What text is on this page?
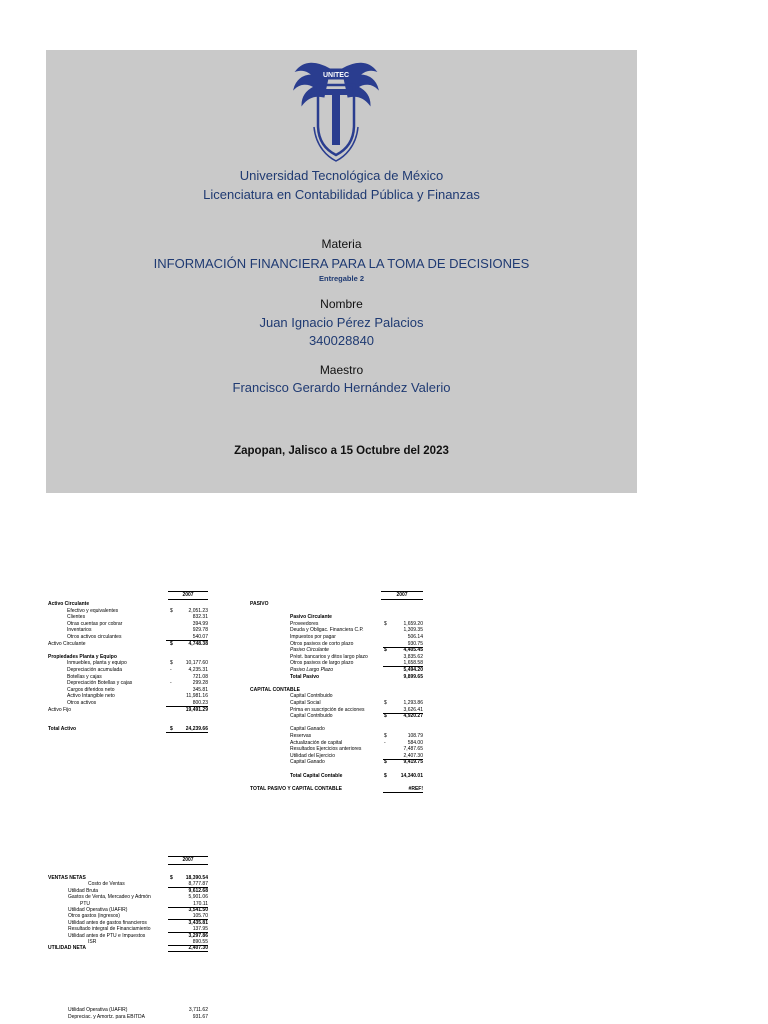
UNITEC
Universidad Tecnológica de México
Licenciatura en Contabilidad Pública y Finanzas
Materia
INFORMACIÓN FINANCIERA PARA LA TOMA DE DECISIONES
Entregable 2
Nombre
Juan Ignacio Pérez Palacios
340028840
Maestro
Francisco Gerardo Hernández Valerio
Zapopan, Jalisco a 15 Octubre del 2023
2007	2007
Activo Circulante
Efectivo y equivalentes	$	2,051.23
Clientes	832.31
Otras cuentas por cobrar	394.99
Inventarios	929.78
Otros activos circulantes	540.07
Activo Circulante	$	4,748.38
Propiedades Planta y Equipo
Inmuebles, planta y equipo	$	10,177.60
Depreciación acumulada	-	4,235.31
Botellas y cajas	721.08
Depreciación Botellas y cajas	-	299.28
Cargos diferidos neto	345.81
Activo Intangible neto	11,981.16
Otros activos	800.23
Activo Fijo	19,491.29
Total Activo	$	24,239.66
PASIVO
Pasivo Circulante
Proveedores	$	1,659.20
Deuda y Obligac. Financiera C.P.	1,309.35
Impuestos por pagar	506.14
Otros pasivos de corto plazo	930.75
Pasivo Circulante	$	4,405.45
Prést. bancarios y ditos largo plazo	3,835.62
Otros pasivos de largo plazo	1,658.58
Pasivo Largo Plazo	5,494.20
Total Pasivo	9,899.65
CAPITAL CONTABLE
Capital Contribuido
Capital Social	$	1,293.86
Prima en suscripción de acciones	3,626.41
Capital Contribuido	$	4,920.27
Capital Ganado
Reservas	$	108.79
Actualización de capital	-	584.00
Resultados Ejercicios anteriores	7,487.65
Utilidad del Ejercicio	2,407.30
Capital Ganado	$	9,419.75
Total Capital Contable	$	14,340.01
TOTAL PASIVO Y CAPITAL CONTABLE	#REF!
2007
VENTAS NETAS	$	18,390.54
Costo de Ventas	8,777.87
Utilidad Bruta	9,612.68
Gastos de Venta, Mercadeo y Admón	5,901.06
PTU	170.11
Utilidad Operativa (UAFIR)	3,541.50
Otros gastos (ingresos)	105.70
Utilidad antes de gastos financieros	3,435.81
Resultado integral de Financiamiento	137.95
Utilidad antes de PTU e Impuestos	3,297.86
ISR	890.55
UTILIDAD NETA	2,407.30
Utilidad Operativa (UAFIR)	3,711.62
Depreciac. y Amortz. para EBITDA	931.67
